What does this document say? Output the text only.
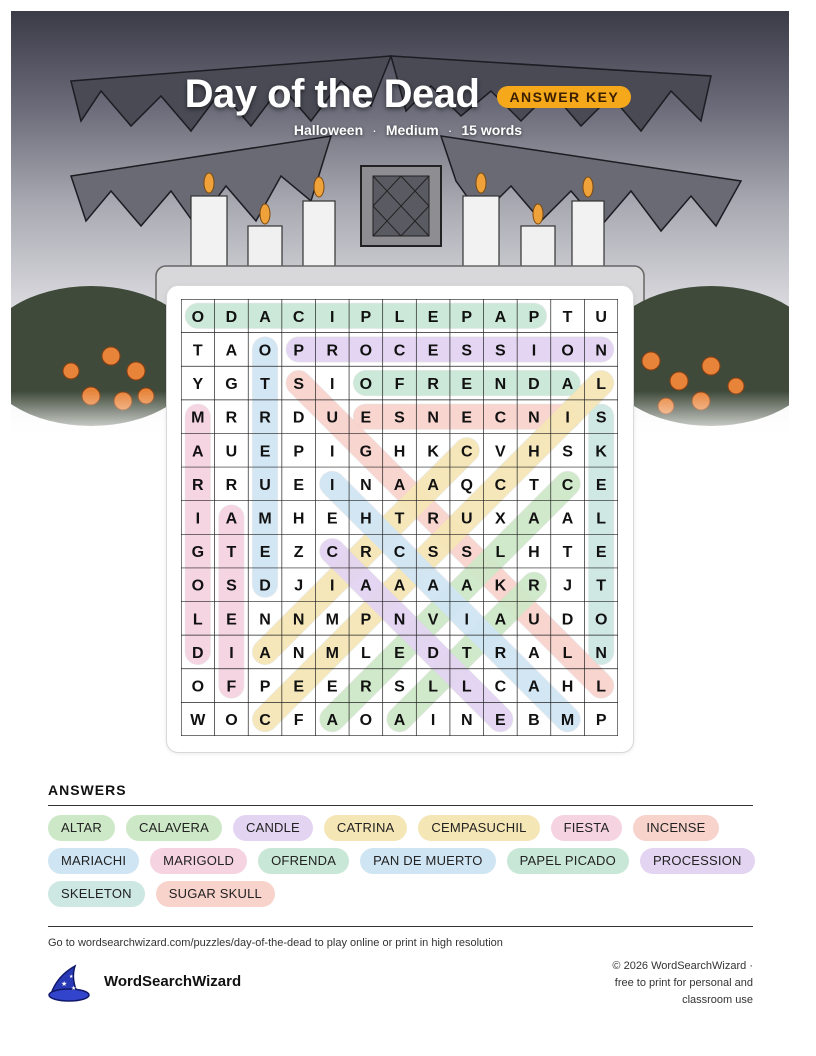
Day of the Dead	ANSWER KEY
Halloween · Medium · 15 words
O D A C I P L E P A P T U
T A O P R O C E S S I O N
Y G T S I O F R E N D A L
M R R D U E S N E C N I S
A U E P I G H K C V H S K
R R U E I N A A Q C T C E
I A M H E H T R U X A A L
G T E Z C R C S S L H T E
O S D J I A A A A K R J T
L E N N M P N V I A U D O
D I A N M L E D T R A L N
O F P E E R S L L C A H L
W O C F A O A I N E B M P
ANSWERS
ALTAR	CALAVERA	CANDLE	CATRINA	CEMPASUCHIL	FIESTA	INCENSE
MARIACHI	MARIGOLD	OFRENDA	PAN DE MUERTO	PAPEL PICADO	PROCESSION
SKELETON	SUGAR SKULL
Go to wordsearchwizard.com/puzzles/day-of-the-dead to play online or print in high resolution
★
★
★ WordSearchWizard
© 2026 WordSearchWizard ·
free to print for personal and
classroom use
